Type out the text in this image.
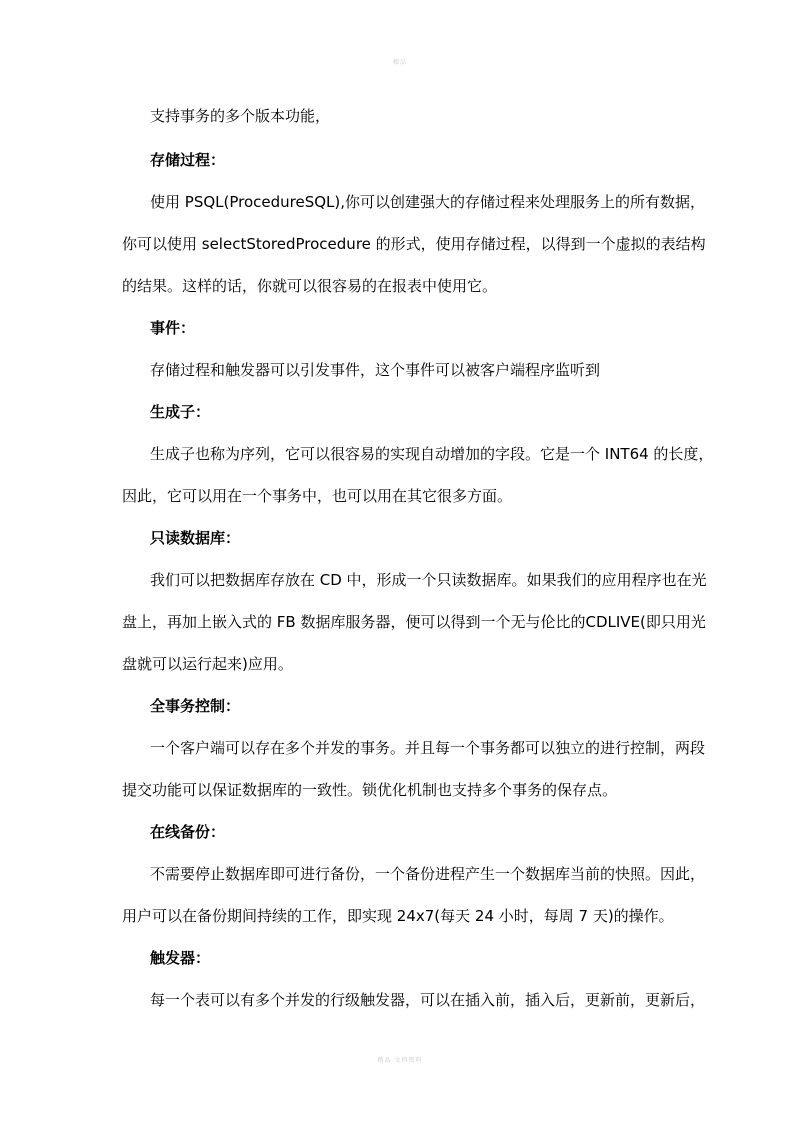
精品
支持事务的多个版本功能，
存储过程：
使用 PSQL(Procedure SQL),你可以创建强大的存储过程来处理服务上的所有数据，
你可以使用 select Stored Procedure 的形式，使用存储过程，以得到一个虚拟的表结构
的结果。这样的话，你就可以很容易的在报表中使用它。
事件：
存储过程和触发器可以引发事件，这个事件可以被客户端程序监听到
生成子：
生成子也称为序列，它可以很容易的实现自动增加的字段。它是一个 INT64 的长度，
因此，它可以用在一个事务中，也可以用在其它很多方面。
只读数据库：
我们可以把数据库存放在 CD 中，形成一个只读数据库。如果我们的应用程序也在光
盘上，再加上嵌入式的 FB 数据库服务器，便可以得到一个无与伦比的 CDLIVE(即只用光
盘就可以运行起来)应用。
全事务控制：
一个客户端可以存在多个并发的事务。并且每一个事务都可以独立的进行控制，两段
提交功能可以保证数据库的一致性。锁优化机制也支持多个事务的保存点。
在线备份：
不需要停止数据库即可进行备份，一个备份进程产生一个数据库当前的快照。因此，
用户可以在备份期间持续的工作，即实现 24x7(每天 24 小时，每周 7 天)的操作。
触发器：
每一个表可以有多个并发的行级触发器，可以在插入前，插入后，更新前，更新后，
精品 文档资料
